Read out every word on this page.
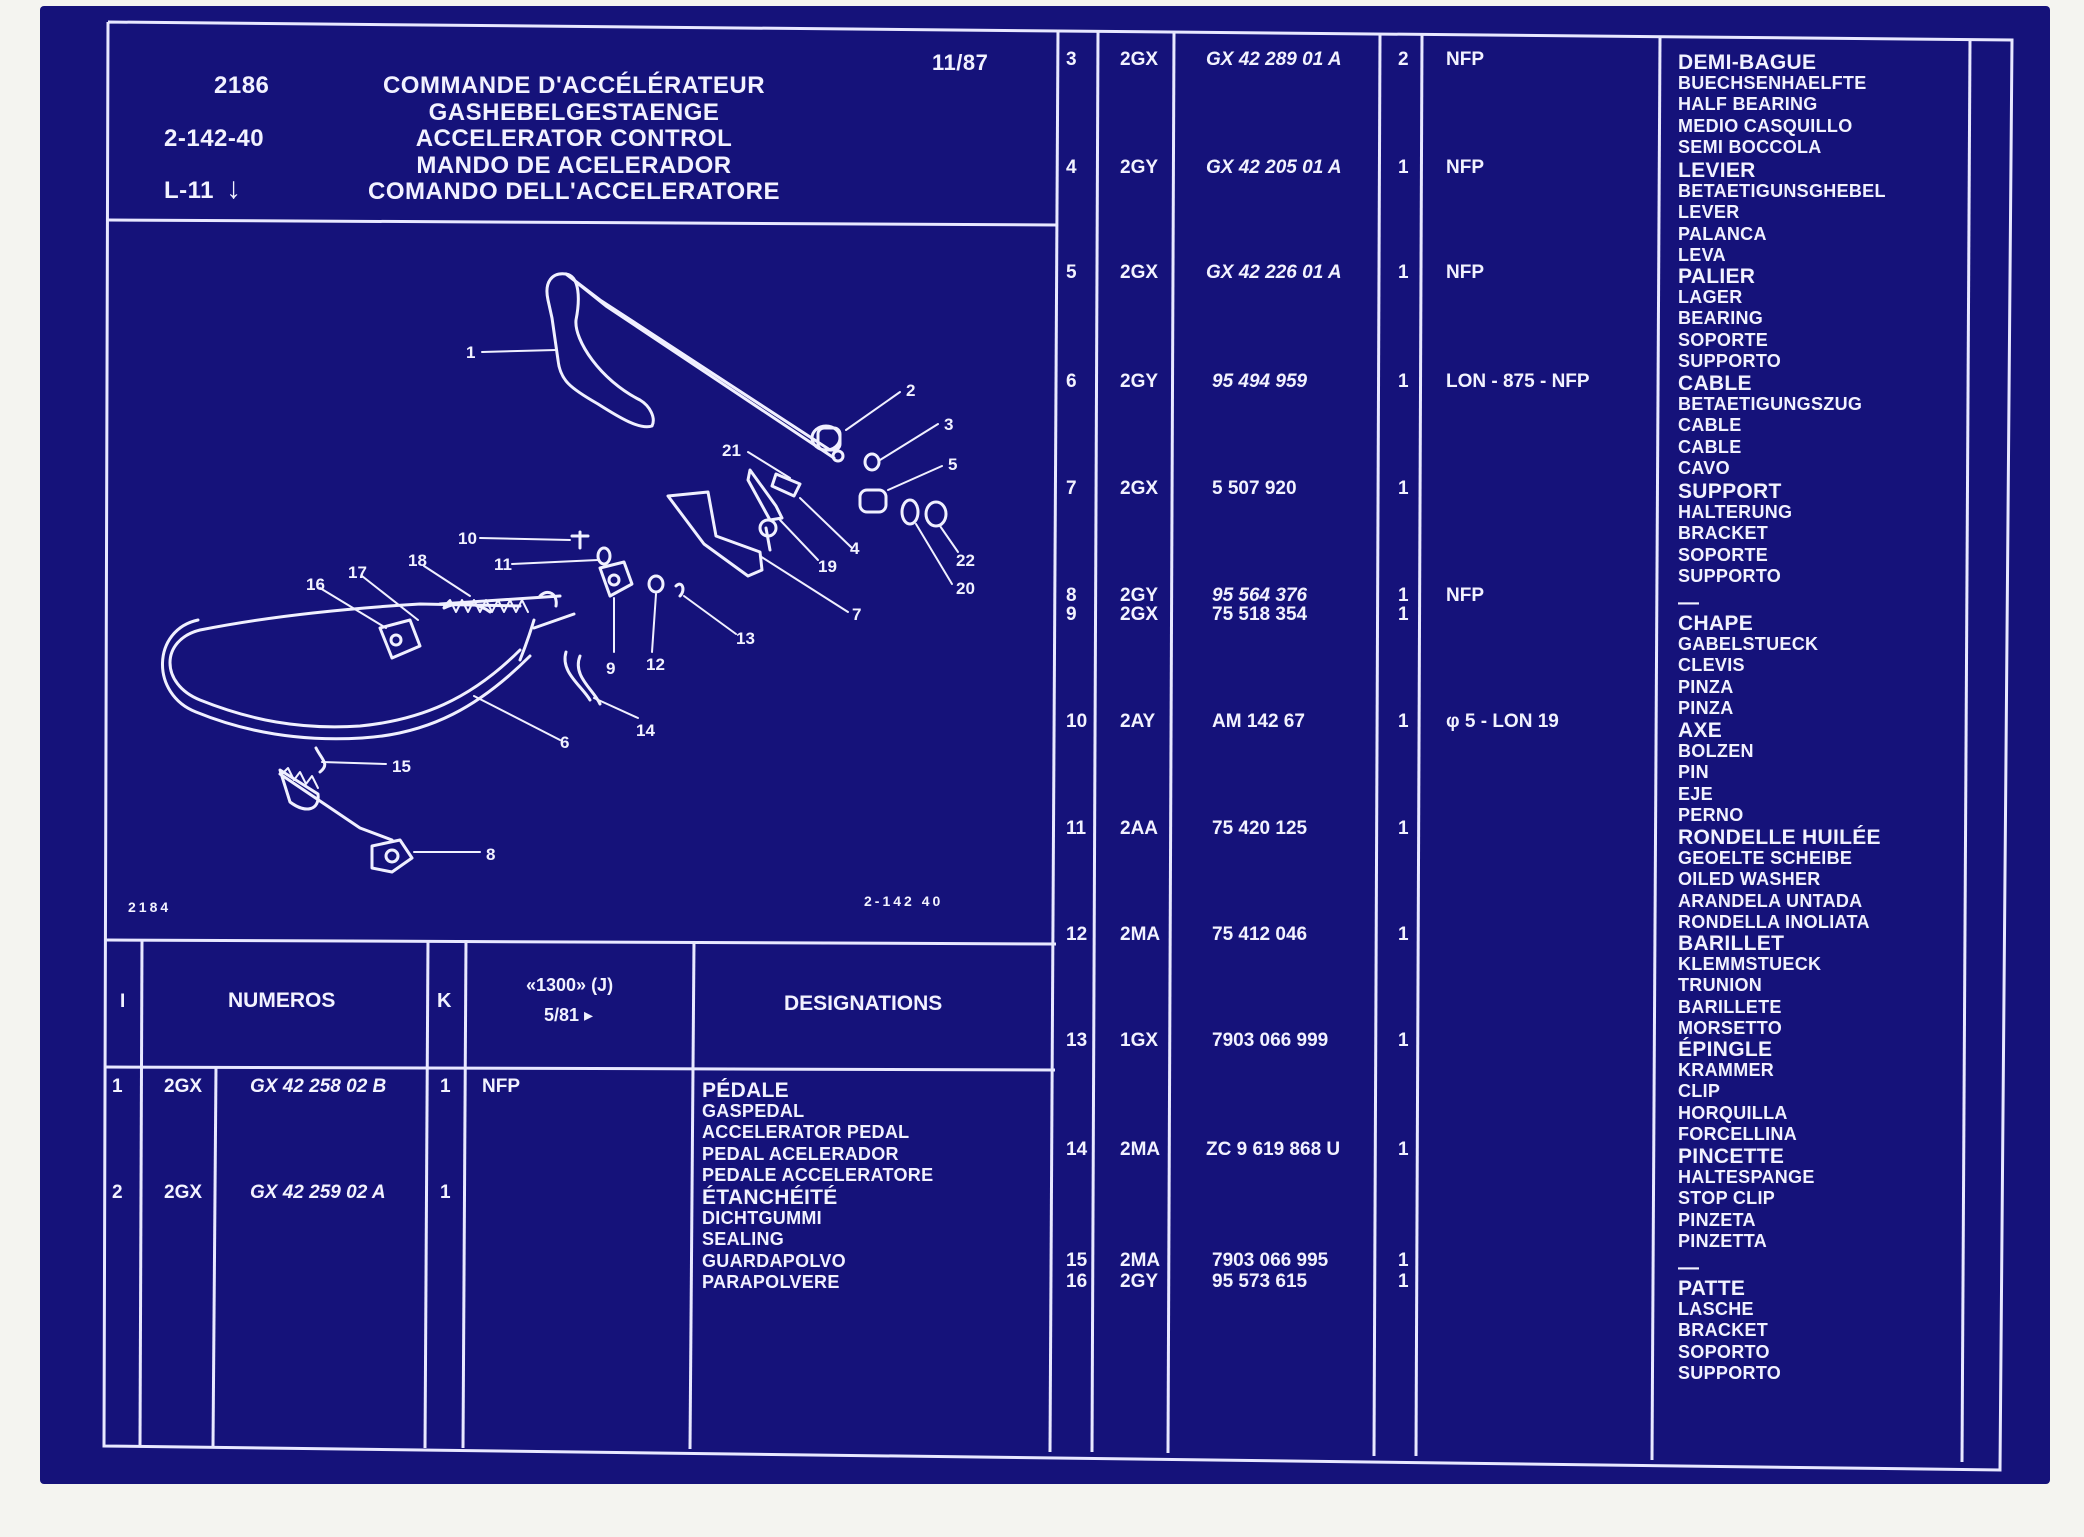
2186
2-142-40
L-11 ↓
11/87
COMMANDE D'ACCÉLÉRATEUR
GASHEBELGESTAENGE
ACCELERATOR CONTROL
MANDO DE ACELERADOR
COMANDO DELL'ACCELERATORE
2184	2-142 40
1
2
3
4
5
6
7
8
9
10
11
12
13
14
15
16
17
18	19
20
21
22
I	NUMEROS	K
«1300» (J)
5/81 ▸	DESIGNATIONS
1 2GX	GX 42 258 02 B	1 NFP	PÉDALE
GASPEDAL
ACCELERATOR PEDAL
PEDAL ACELERADOR
PEDALE ACCELERATORE
2 2GX	GX 42 259 02 A	1	ÉTANCHÉITÉ
DICHTGUMMI
SEALING
GUARDAPOLVO
PARAPOLVERE
3 2GX	GX 42 289 01 A	2 NFP	DEMI-BAGUE
BUECHSENHAELFTE
HALF BEARING
MEDIO CASQUILLO
SEMI BOCCOLA
4 2GY	GX 42 205 01 A	1 NFP	LEVIER
BETAETIGUNSGHEBEL
LEVER
PALANCA
LEVA
5 2GX	GX 42 226 01 A	1 NFP	PALIER
LAGER
BEARING
SOPORTE
SUPPORTO
6 2GY	95 494 959	1 LON - 875 - NFP	CABLE
BETAETIGUNGSZUG
CABLE
CABLE
CAVO
7 2GX	5 507 920	1	SUPPORT
HALTERUNG
BRACKET
SOPORTE
SUPPORTO
8 2GY	95 564 376	1 NFP	—
9 2GX	75 518 354	1	CHAPE
GABELSTUECK
CLEVIS
PINZA
PINZA
10 2AY	AM 142 67	1 φ 5 - LON 19	AXE
BOLZEN
PIN
EJE
PERNO
11 2AA	75 420 125	1	RONDELLE HUILÉE
GEOELTE SCHEIBE
OILED WASHER
ARANDELA UNTADA
RONDELLA INOLIATA
12 2MA	75 412 046	1	BARILLET
KLEMMSTUECK
TRUNION
BARILLETE
MORSETTO
13 1GX	7903 066 999	1	ÉPINGLE
KRAMMER
CLIP
HORQUILLA
FORCELLINA
14 2MA ZC 9 619 868 U	1	PINCETTE
HALTESPANGE
STOP CLIP
PINZETA
PINZETTA
15 2MA	7903 066 995	1	—
16 2GY	95 573 615	1	PATTE
LASCHE
BRACKET
SOPORTO
SUPPORTO
